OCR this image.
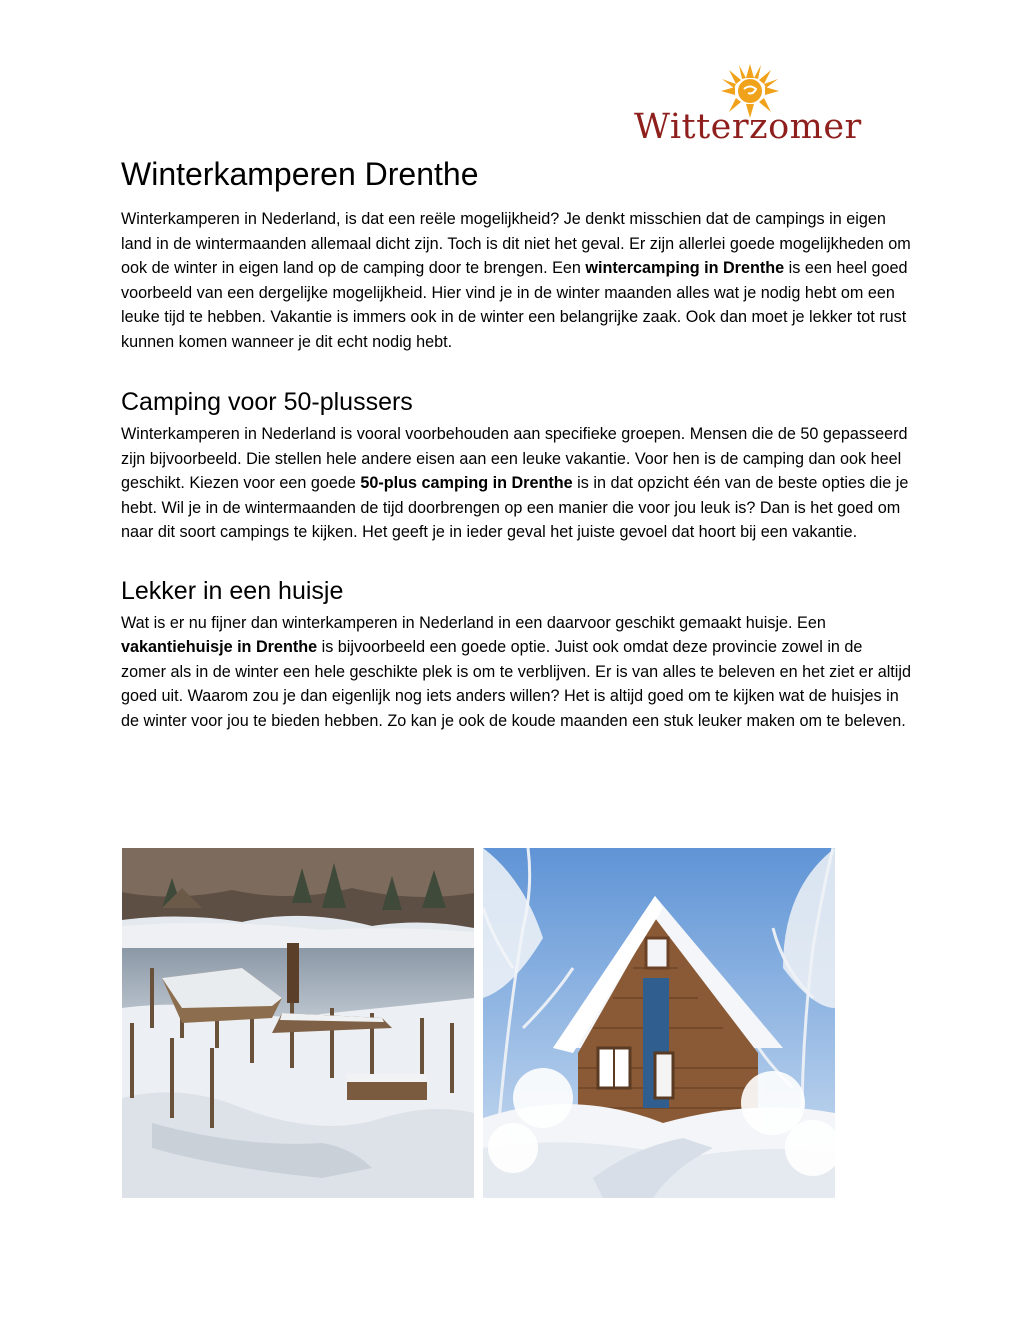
Witterzomer
Winterkamperen Drenthe

Winterkamperen in Nederland, is dat een reële mogelijkheid? Je denkt misschien dat de campings in eigen land in de wintermaanden allemaal dicht zijn. Toch is dit niet het geval. Er zijn allerlei goede mogelijkheden om ook de winter in eigen land op de camping door te brengen. Een wintercamping in Drenthe is een heel goed voorbeeld van een dergelijke mogelijkheid. Hier vind je in de winter maanden alles wat je nodig hebt om een leuke tijd te hebben. Vakantie is immers ook in de winter een belangrijke zaak. Ook dan moet je lekker tot rust kunnen komen wanneer je dit echt nodig hebt.

Camping voor 50-plussers

Winterkamperen in Nederland is vooral voorbehouden aan specifieke groepen. Mensen die de 50 gepasseerd zijn bijvoorbeeld. Die stellen hele andere eisen aan een leuke vakantie. Voor hen is de camping dan ook heel geschikt. Kiezen voor een goede 50-plus camping in Drenthe is in dat opzicht één van de beste opties die je hebt. Wil je in de wintermaanden de tijd doorbrengen op een manier die voor jou leuk is? Dan is het goed om naar dit soort campings te kijken. Het geeft je in ieder geval het juiste gevoel dat hoort bij een vakantie.

Lekker in een huisje

Wat is er nu fijner dan winterkamperen in Nederland in een daarvoor geschikt gemaakt huisje. Een vakantiehuisje in Drenthe is bijvoorbeeld een goede optie. Juist ook omdat deze provincie zowel in de zomer als in de winter een hele geschikte plek is om te verblijven. Er is van alles te beleven en het ziet er altijd goed uit. Waarom zou je dan eigenlijk nog iets anders willen? Het is altijd goed om te kijken wat de huisjes in de winter voor jou te bieden hebben. Zo kan je ook de koude maanden een stuk leuker maken om te beleven.
